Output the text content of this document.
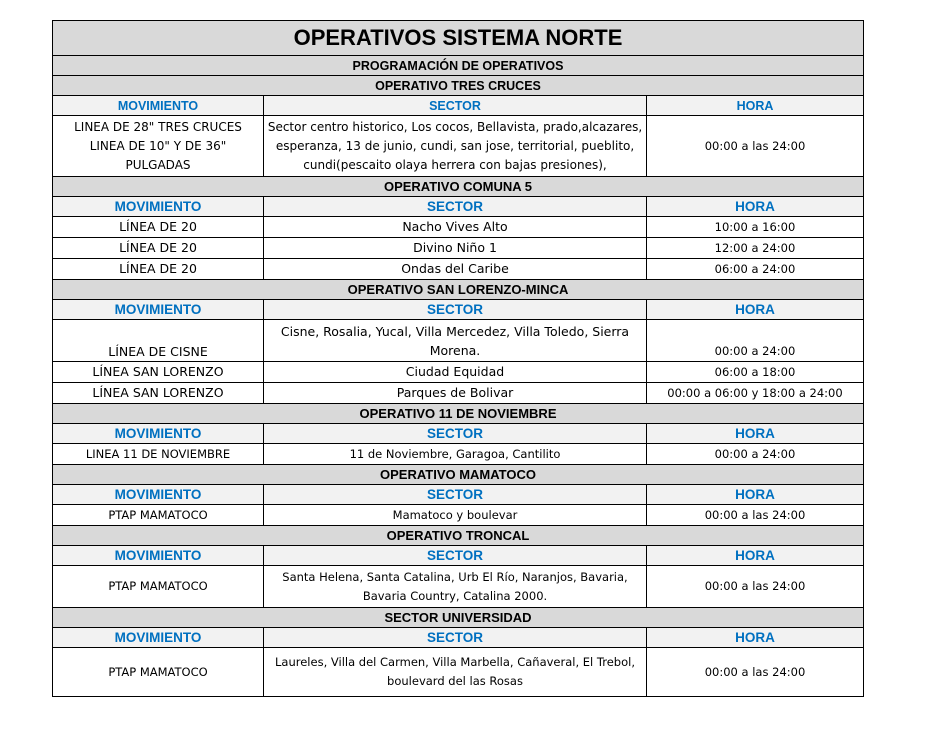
OPERATIVOS SISTEMA NORTE		
PROGRAMACIÓN DE OPERATIVOS		
OPERATIVO TRES CRUCES		
MOVIMIENTO	SECTOR	HORA
LINEA DE 28" TRES CRUCES LINEA DE 10" Y DE 36" PULGADAS	Sector centro historico, Los cocos, Bellavista, prado,alcazares, esperanza, 13 de junio, cundi, san jose, territorial, pueblito, cundi(pescaito olaya herrera con bajas presiones),	00:00 a las 24:00
OPERATIVO COMUNA 5		
MOVIMIENTO	SECTOR	HORA
LÍNEA DE 20	Nacho Vives Alto	10:00 a 16:00
LÍNEA DE 20	Divino Niño 1	12:00 a 24:00
LÍNEA DE 20	Ondas del Caribe	06:00 a 24:00
OPERATIVO SAN LORENZO-MINCA		
MOVIMIENTO	SECTOR	HORA
LÍNEA DE CISNE	Cisne, Rosalia, Yucal, Villa Mercedez, Villa Toledo, Sierra Morena.	00:00 a 24:00
LÍNEA SAN LORENZO	Ciudad Equidad	06:00 a 18:00
LÍNEA SAN LORENZO	Parques de Bolivar	00:00 a 06:00 y 18:00 a 24:00
OPERATIVO 11 DE NOVIEMBRE		
MOVIMIENTO	SECTOR	HORA
LINEA 11 DE NOVIEMBRE	11 de Noviembre, Garagoa, Cantilito	00:00 a 24:00
OPERATIVO MAMATOCO		
MOVIMIENTO	SECTOR	HORA
PTAP MAMATOCO	Mamatoco y boulevar	00:00 a las 24:00
OPERATIVO TRONCAL		
MOVIMIENTO	SECTOR	HORA
PTAP MAMATOCO	Santa Helena, Santa Catalina, Urb El Río, Naranjos, Bavaria, Bavaria Country, Catalina 2000.	00:00 a las 24:00
SECTOR UNIVERSIDAD		
MOVIMIENTO	SECTOR	HORA
PTAP MAMATOCO	Laureles, Villa del Carmen, Villa Marbella, Cañaveral, El Trebol, boulevard del las Rosas	00:00 a las 24:00
